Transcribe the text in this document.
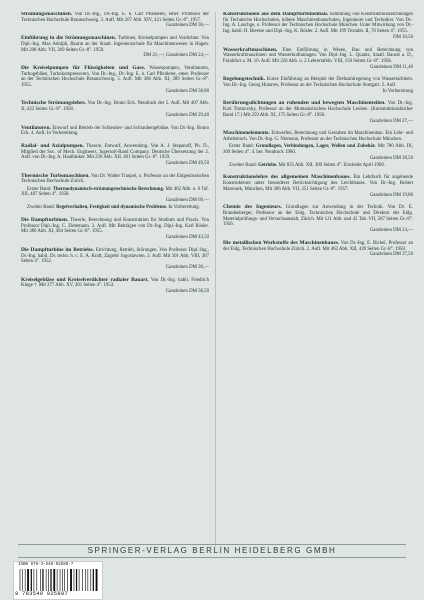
Strömungsmaschinen. Von Dr.-Ing., Dr.-Ing. E. h. Carl Pfleiderer, emer. Professor der Technischen Hochschule Braunschweig. 3. Aufl. Mit 207 Abb. XIV, 421 Seiten Gr.-8°. 1957.
Ganzleinen DM 36,—
Einführung in die Strömungsmaschinen. Turbinen, Kreiselpumpen und Verdichter. Von Dipl.-Ing. Max Adolph, Baurat an der Staatl. Ingenieurschule für Maschinenwesen in Hagen. Mit 208 Abb. VII, 269 Seiten Gr.-8°. 1959.
DM 21,—; Ganzleinen DM 24,—
Die Kreiselpumpen für Flüssigkeiten und Gase. Wasserpumpen, Ventilatoren, Turbogebläse, Turbokompressoren. Von Dr.-Ing., Dr.-Ing. E. h. Carl Pfleiderer, emer. Professor an der Technischen Hochschule Braunschweig. 5. Aufl. Mit 386 Abb. XI, 389 Seiten Gr.-8°. 1955.
Ganzleinen DM 58,80
Technische Strömungslehre. Von Dr.-Ing. Bruno Eck. Neudruck der 5. Aufl. Mit 407 Abb. X, 422 Seiten Gr.-8°. 1958.
Ganzleinen DM 29,40
Ventilatoren. Entwurf und Betrieb der Schleuder- und Schraubengebläse. Von Dr.-Ing. Bruno Eck. 4. Aufl. In Vorbereitung.
Radial- und Axialpumpen. Theorie, Entwurf, Anwendung. Von A. J. Stepanoff, Ph. D., Mitglied der Soc. of Mech. Engineers, Ingersoll-Rand Company. Deutsche Übersetzung der 2. Aufl. von Dr.-Ing. A. Hauthinker. Mit 230 Abb. XII, 401 Seiten Gr.-8°. 1959.
Ganzleinen DM 49,50
Thermische Turbomaschinen. Von Dr. Walter Traupel, o. Professor an der Eidgenössischen Technischen Hochschule Zürich.
Erster Band: Thermodynamisch-strömungstechnische Berechnung. Mit 402 Abb. u. 6 Taf. XII, 407 Seiten 4°. 1958.
Ganzleinen DM 69,—
Zweiter Band: Regelverhalten, Festigkeit und dynamische Probleme. In Vorbereitung.
Die Dampfturbinen. Theorie, Berechnung und Konstruktion für Studium und Praxis. Von Professor Dipl.-Ing. C. Zietemann. 2. Aufl. Mit Beiträgen von Dr.-Ing. Dipl.-Ing. Karl Rösler. Mit 380 Abb. XI, 494 Seiten Gr.-8°. 1955.
Ganzleinen DM 43,50
Die Dampfturbine im Betriebe. Errichtung, Betrieb, Störungen. Von Professor Dipl.-Ing., Dr.-Ing. habil. Dr. techn. h. c. E. A. Kraft, Zagreb/ Jugoslawien. 2. Aufl. Mit 301 Abb. VIII, 307 Seiten 4°. 1952.
Ganzleinen DM 30,—
Kreiselgebläse und Kreiselverdichter radialer Bauart. Von Dr.-Ing. habil. Friedrich Kluge †. Mit 277 Abb. XV, 301 Seiten 4°. 1953.
Ganzleinen DM 58,50
Konstruktionen aus dem Dampfturbinenbau. Sammlung von Konstruktionszeichnungen für Technische Hochschulen, höhere Maschinenbauschulen, Ingenieure und Techniker. Von Dr.-Ing. A. Loschge, o. Professor der Technischen Hochschule München. Unter Mitwirkung von Dr.-Ing. habil. H. Biersse und Dipl.-Ing. K. Rösler. 2. Aufl. Mit 199 Textabb. II, 78 Seiten 4°. 1955.
DM 10,50
Wasserkraftmaschinen. Eine Einführung in Wesen, Bau und Berechnung von Wasserkraftmaschinen und Wasserkraftanlagen. Von Dipl.-Ing. L. Quantz, Staatl. Baurat a. D., Frankfurt a. M. 10. Aufl. Mit 226 Abb. u. 2 Lehrertafeln. VIII, 150 Seiten Gr.-8°. 1958.
Ganzleinen DM 11,40
Regelungstechnik. Kurze Einführung an Beispiel der Drehzahlregelung von Wasserturbinen. Von Dr.-Ing. Georg Hutarew, Professor an der Technischen Hochschule Stuttgart. 2. Aufl.
In Vorbereitung
Berührungsdichtungen an ruhenden und bewegten Maschinenteilen. Von Dr.-Ing. Karl Trutnovsky, Professor an der Montanistischen Hochschule Leoben. (Konstruktionsbücher Band 17.) Mit 259 Abb. XI, 175 Seiten Gr.-8°. 1958.
Ganzleinen DM 27,—
Maschinenelemente. Entwerfen, Berechnung und Gestalten im Maschinenbau. Ein Lehr- und Arbeitsbuch. Von Dr.-Ing. G. Niemann, Professor an der Technischen Hochschule München.
Erster Band: Grundlagen, Verbindungen, Lager, Wellen und Zubehör. Mit 780 Abb. IX, 369 Seiten 4°. 4. ber. Neudruck 1960.
Ganzleinen DM 28,50
Zweiter Band: Getriebe. Mit 835 Abb. XII, 309 Seiten 4°. Erscheint April 1960.
Konstruktionslehre des allgemeinen Maschinenbaues. Ein Lehrbuch für angehende Konstrukteure unter besonderer Berücksichtigung des Leichtbaues. Von Dr.-Ing. Robert Matousek, München, Mit 306 Abb. VII, 251 Seiten Gr.-8°. 1957.
Ganzleinen DM 19,80
Chemie des Ingenieurs. Grundlagen zur Anwendung in der Technik. Von Dr. E. Brandenberger, Professor an der Eidg. Technischen Hochschule und Direktor der Eidg. Materialprüfungs- und Versuchsanstalt, Zürich. Mit 121 Abb. und 42 Tab. VII, 267 Seiten Gr.-8°. 1956.
Ganzleinen DM 24,—
Die metallischen Werkstoffe des Maschinenbaues. Von Dr.-Ing. E. Bickel, Professor an der Eidg. Technischen Hochschule Zürich. 2. Aufl. Mit 462 Abb. XII, 439 Seiten Gr.-8°. 1958.
Ganzleinen DM 37,50
SPRINGER-VERLAG BERLIN HEIDELBERG GMBH
ISBN 978-3-540-02588-7
9 783540 025887
